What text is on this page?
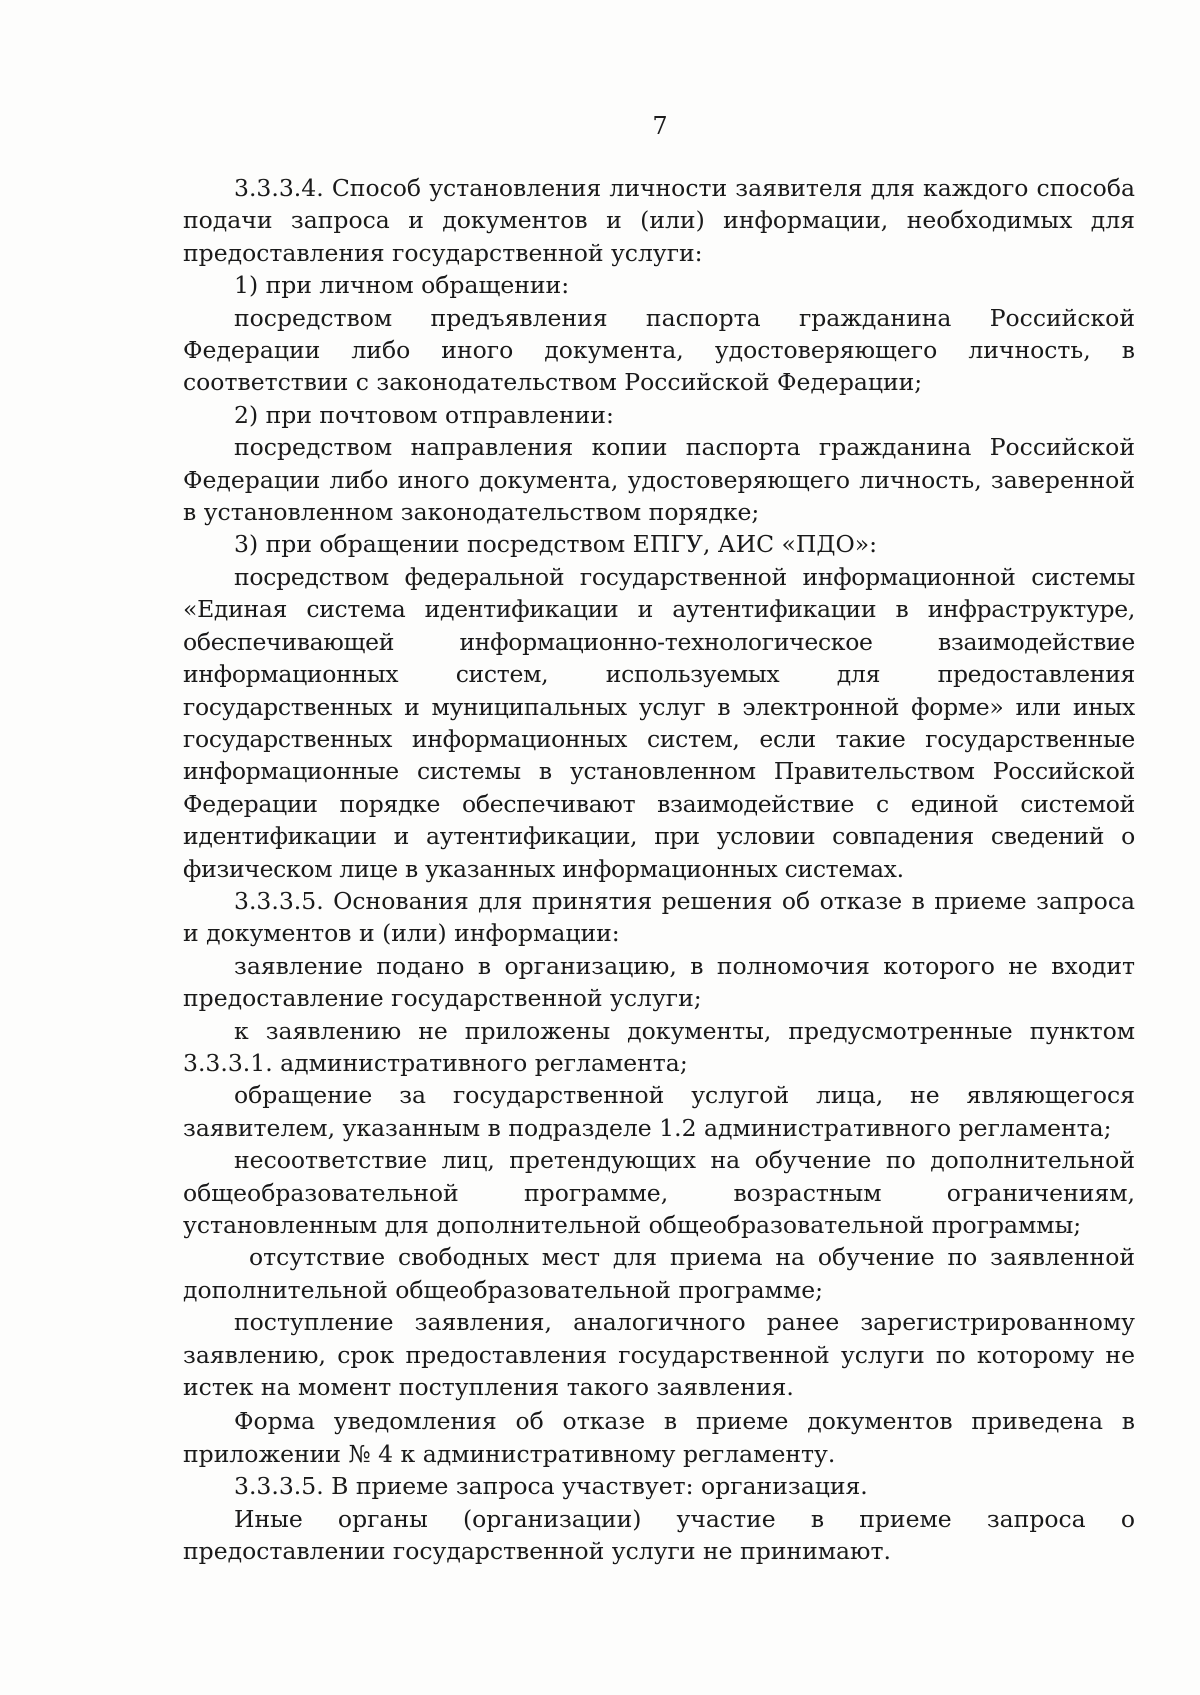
7

3.3.3.4. Способ установления личности заявителя для каждого способа подачи запроса и документов и (или) информации, необходимых для предоставления государственной услуги:

1) при личном обращении:

посредством предъявления паспорта гражданина Российской Федерации либо иного документа, удостоверяющего личность, в соответствии с законодательством Российской Федерации;

2) при почтовом отправлении:

посредством направления копии паспорта гражданина Российской Федерации либо иного документа, удостоверяющего личность, заверенной в установленном законодательством порядке;

3) при обращении посредством ЕПГУ, АИС «ПДО»:

посредством федеральной государственной информационной системы «Единая система идентификации и аутентификации в инфраструктуре, обеспечивающей информационно-технологическое взаимодействие информационных систем, используемых для предоставления государственных и муниципальных услуг в электронной форме» или иных государственных информационных систем, если такие государственные информационные системы в установленном Правительством Российской Федерации порядке обеспечивают взаимодействие с единой системой идентификации и аутентификации, при условии совпадения сведений о физическом лице в указанных информационных системах.

3.3.3.5. Основания для принятия решения об отказе в приеме запроса и документов и (или) информации:

заявление подано в организацию, в полномочия которого не входит предоставление государственной услуги;

к заявлению не приложены документы, предусмотренные пунктом 3.3.3.1. административного регламента;

обращение за государственной услугой лица, не являющегося заявителем, указанным в подразделе 1.2 административного регламента;

несоответствие лиц, претендующих на обучение по дополнительной общеобразовательной программе, возрастным ограничениям, установленным для дополнительной общеобразовательной программы;

отсутствие свободных мест для приема на обучение по заявленной дополнительной общеобразовательной программе;

поступление заявления, аналогичного ранее зарегистрированному заявлению, срок предоставления государственной услуги по которому не истек на момент поступления такого заявления.

Форма уведомления об отказе в приеме документов приведена в приложении № 4 к административному регламенту.

3.3.3.5. В приеме запроса участвует: организация.

Иные органы (организации) участие в приеме запроса о предоставлении государственной услуги не принимают.
